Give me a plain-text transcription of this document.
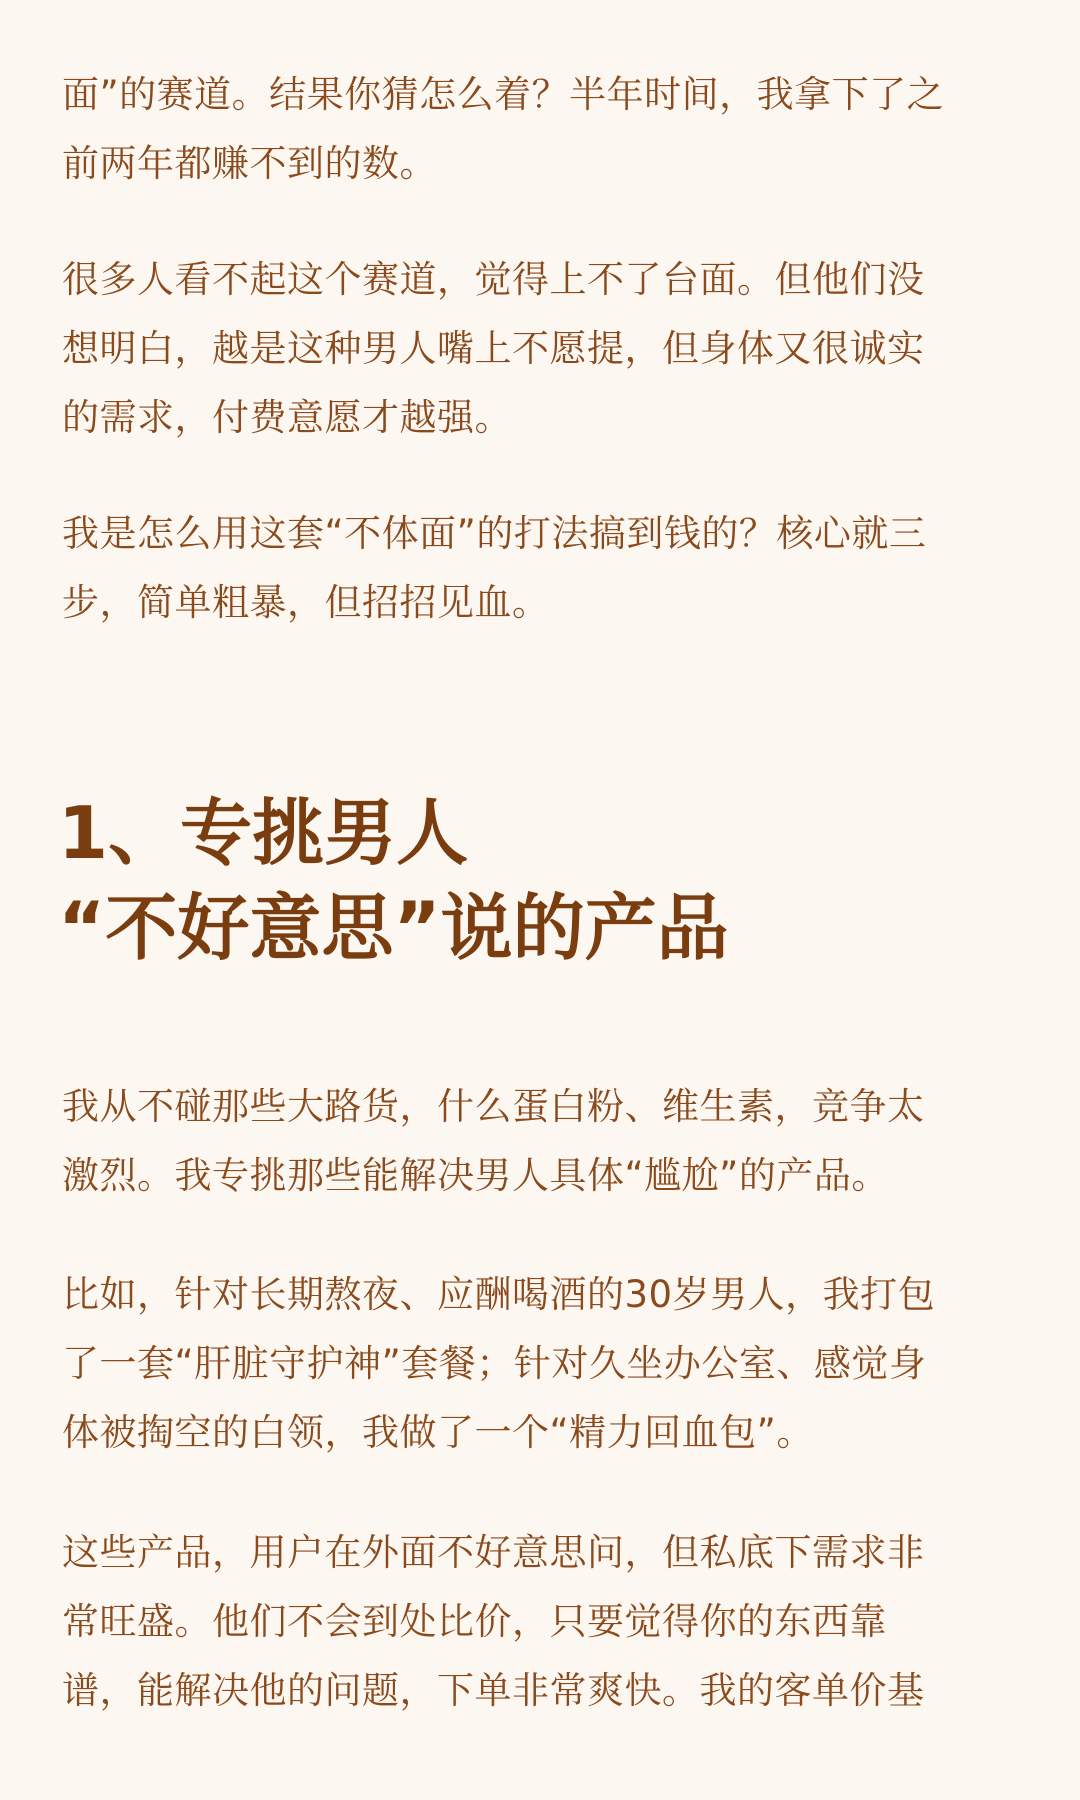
面”的赛道。结果你猜怎么着？半年时间，我拿下了之
前两年都赚不到的数。

很多人看不起这个赛道，觉得上不了台面。但他们没
想明白，越是这种男人嘴上不愿提，但身体又很诚实
的需求，付费意愿才越强。

我是怎么用这套“不体面”的打法搞到钱的？核心就三
步，简单粗暴，但招招见血。

1、专挑男人
“不好意思”说的产品

我从不碰那些大路货，什么蛋白粉、维生素，竞争太
激烈。我专挑那些能解决男人具体“尴尬”的产品。

比如，针对长期熬夜、应酬喝酒的30岁男人，我打包
了一套“肝脏守护神”套餐；针对久坐办公室、感觉身
体被掏空的白领，我做了一个“精力回血包”。

这些产品，用户在外面不好意思问，但私底下需求非
常旺盛。他们不会到处比价，只要觉得你的东西靠
谱，能解决他的问题，下单非常爽快。我的客单价基
